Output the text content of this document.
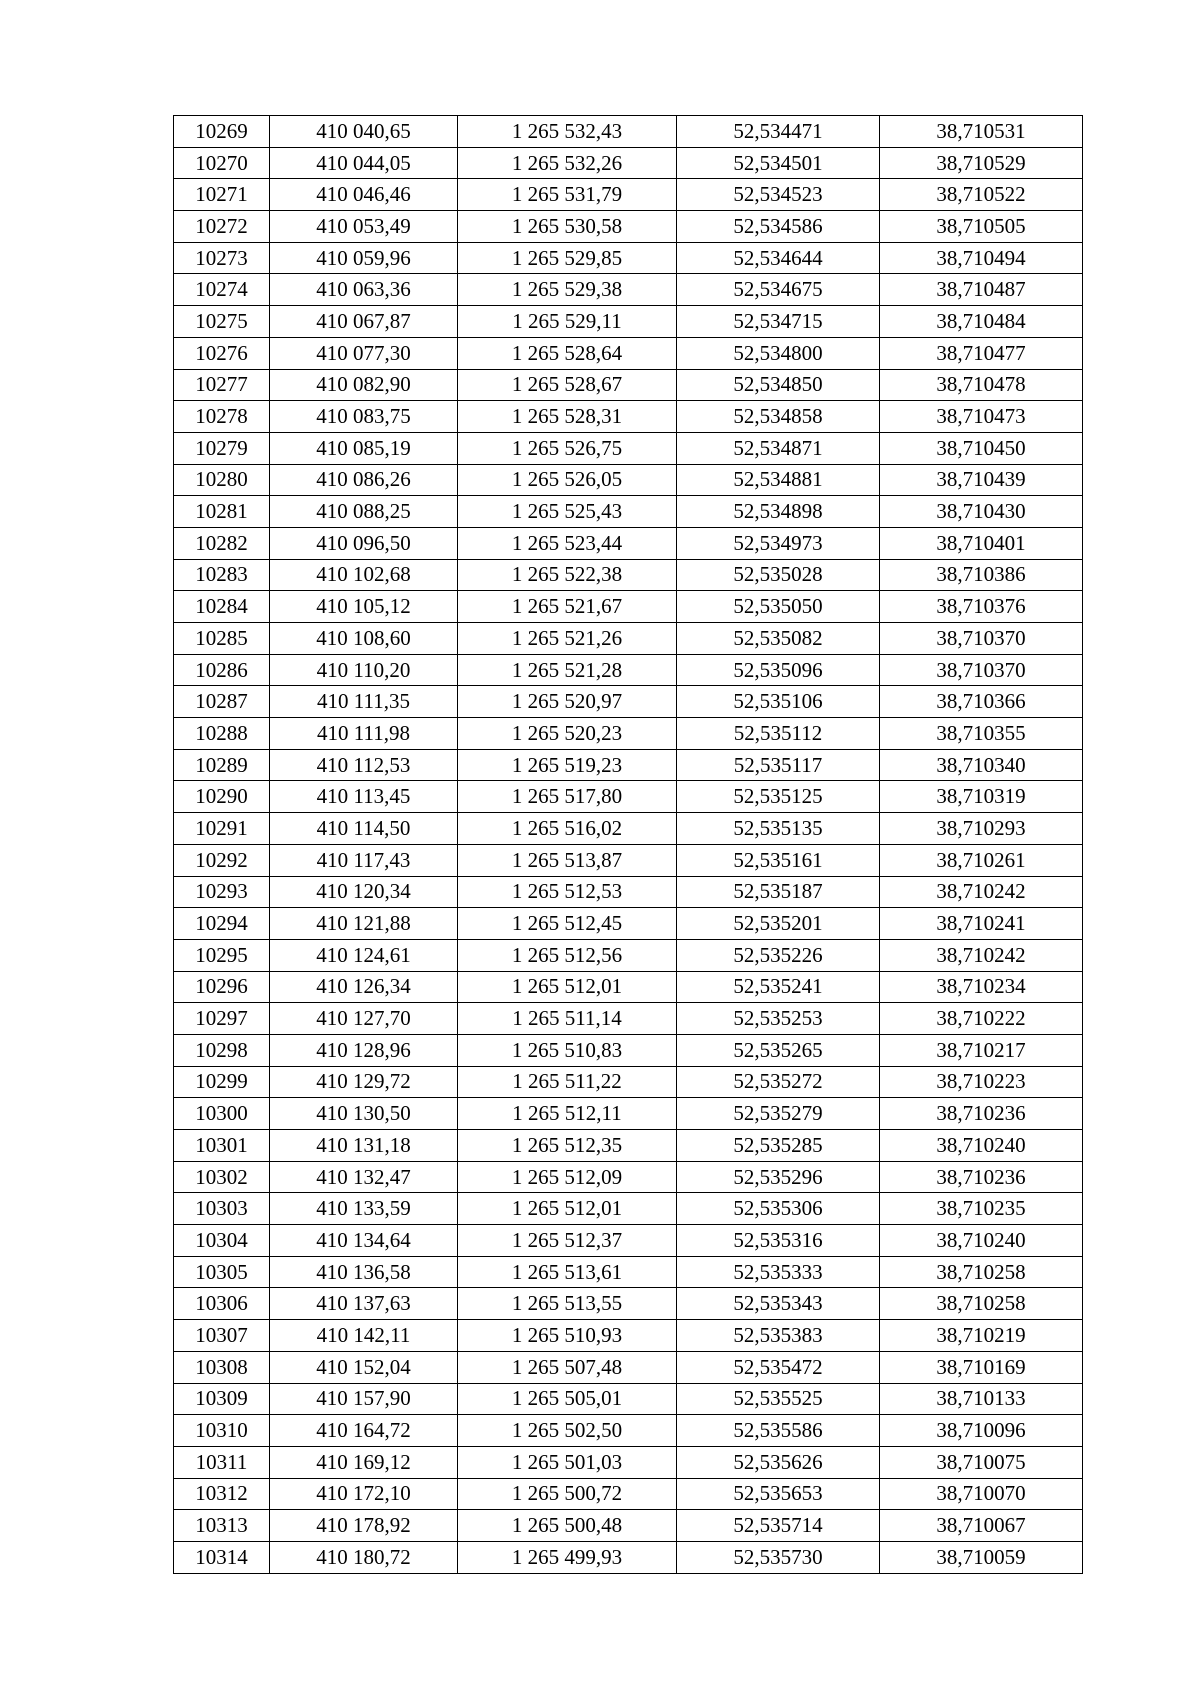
10269	410 040,65	1 265 532,43	52,534471	38,710531
10270	410 044,05	1 265 532,26	52,534501	38,710529
10271	410 046,46	1 265 531,79	52,534523	38,710522
10272	410 053,49	1 265 530,58	52,534586	38,710505
10273	410 059,96	1 265 529,85	52,534644	38,710494
10274	410 063,36	1 265 529,38	52,534675	38,710487
10275	410 067,87	1 265 529,11	52,534715	38,710484
10276	410 077,30	1 265 528,64	52,534800	38,710477
10277	410 082,90	1 265 528,67	52,534850	38,710478
10278	410 083,75	1 265 528,31	52,534858	38,710473
10279	410 085,19	1 265 526,75	52,534871	38,710450
10280	410 086,26	1 265 526,05	52,534881	38,710439
10281	410 088,25	1 265 525,43	52,534898	38,710430
10282	410 096,50	1 265 523,44	52,534973	38,710401
10283	410 102,68	1 265 522,38	52,535028	38,710386
10284	410 105,12	1 265 521,67	52,535050	38,710376
10285	410 108,60	1 265 521,26	52,535082	38,710370
10286	410 110,20	1 265 521,28	52,535096	38,710370
10287	410 111,35	1 265 520,97	52,535106	38,710366
10288	410 111,98	1 265 520,23	52,535112	38,710355
10289	410 112,53	1 265 519,23	52,535117	38,710340
10290	410 113,45	1 265 517,80	52,535125	38,710319
10291	410 114,50	1 265 516,02	52,535135	38,710293
10292	410 117,43	1 265 513,87	52,535161	38,710261
10293	410 120,34	1 265 512,53	52,535187	38,710242
10294	410 121,88	1 265 512,45	52,535201	38,710241
10295	410 124,61	1 265 512,56	52,535226	38,710242
10296	410 126,34	1 265 512,01	52,535241	38,710234
10297	410 127,70	1 265 511,14	52,535253	38,710222
10298	410 128,96	1 265 510,83	52,535265	38,710217
10299	410 129,72	1 265 511,22	52,535272	38,710223
10300	410 130,50	1 265 512,11	52,535279	38,710236
10301	410 131,18	1 265 512,35	52,535285	38,710240
10302	410 132,47	1 265 512,09	52,535296	38,710236
10303	410 133,59	1 265 512,01	52,535306	38,710235
10304	410 134,64	1 265 512,37	52,535316	38,710240
10305	410 136,58	1 265 513,61	52,535333	38,710258
10306	410 137,63	1 265 513,55	52,535343	38,710258
10307	410 142,11	1 265 510,93	52,535383	38,710219
10308	410 152,04	1 265 507,48	52,535472	38,710169
10309	410 157,90	1 265 505,01	52,535525	38,710133
10310	410 164,72	1 265 502,50	52,535586	38,710096
10311	410 169,12	1 265 501,03	52,535626	38,710075
10312	410 172,10	1 265 500,72	52,535653	38,710070
10313	410 178,92	1 265 500,48	52,535714	38,710067
10314	410 180,72	1 265 499,93	52,535730	38,710059
